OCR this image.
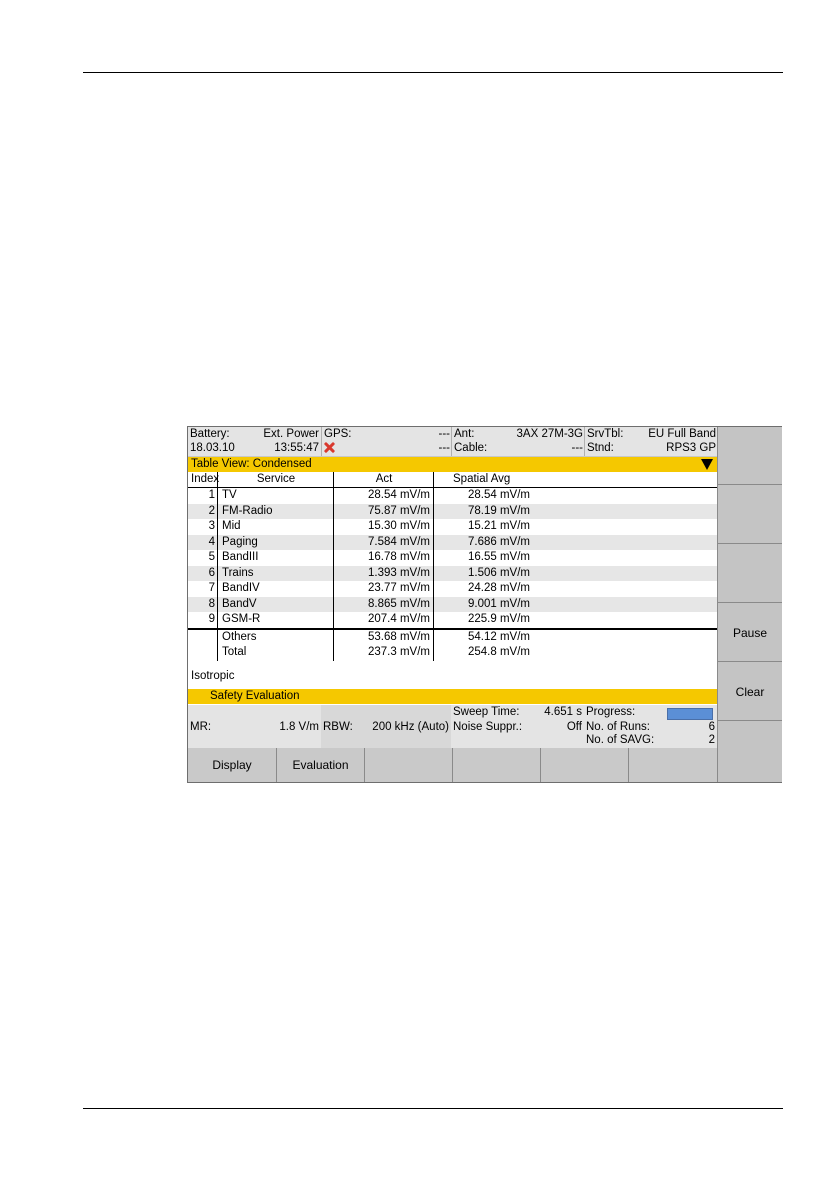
Battery:	Ext. Power
18.03.10	13:55:47
GPS:	---
---
Ant:	3AX 27M-3G
Cable:	---
SrvTbl: EU Full Band
Stnd:	RPS3 GP
Table View: Condensed
Index	Service	Act	Spatial Avg
1 TV	28.54 mV/m	28.54 mV/m
2 FM-Radio	75.87 mV/m	78.19 mV/m
3 Mid	15.30 mV/m	15.21 mV/m
4 Paging	7.584 mV/m	7.686 mV/m
5 BandIII	16.78 mV/m	16.55 mV/m
6 Trains	1.393 mV/m	1.506 mV/m
7 BandIV	23.77 mV/m	24.28 mV/m
8 BandV	8.865 mV/m	9.001 mV/m
9 GSM-R	207.4 mV/m	225.9 mV/m
Others	53.68 mV/m	54.12 mV/m
Total	237.3 mV/m	254.8 mV/m
Isotropic
Safety Evaluation
MR:	1.8 V/m RBW: 200 kHz (Auto)
Sweep Time: 4.651 s
Noise Suppr.:	Off
Progress:
No. of Runs:	6
No. of SAVG:	2
Display	Evaluation
Pause
Clear
